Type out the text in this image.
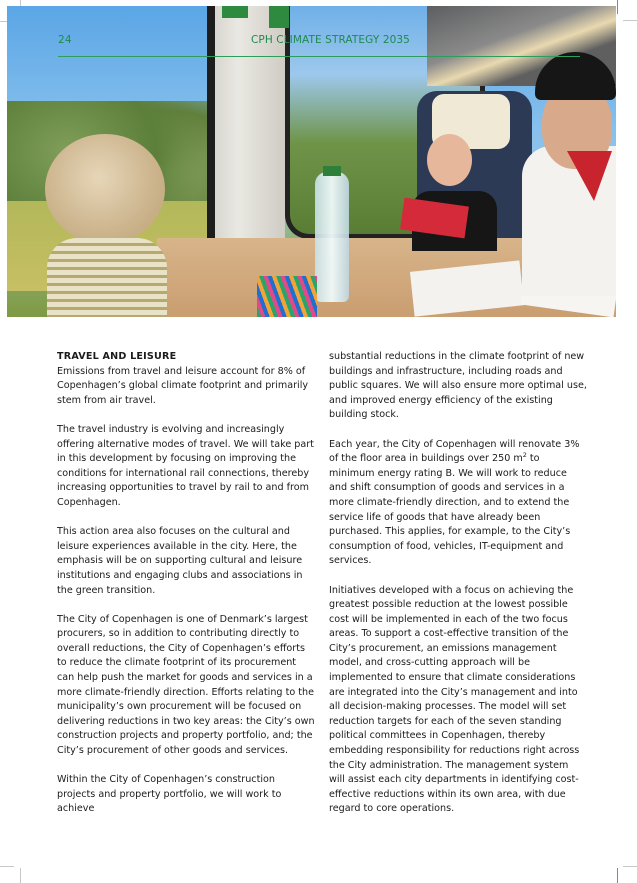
24	CPH CLIMATE STRATEGY 2035
TRAVEL AND LEISURE

Emissions from travel and leisure account for 8% of Copenhagen’s global climate footprint and primarily stem from air travel.

The travel industry is evolving and increasingly offering alternative modes of travel. We will take part in this development by focusing on improving the conditions for international rail connections, thereby increasing opportunities to travel by rail to and from Copenhagen.

This action area also focuses on the cultural and leisure experiences available in the city. Here, the emphasis will be on supporting cultural and leisure institutions and engaging clubs and associations in the green transition.

The City of Copenhagen is one of Denmark’s largest procurers, so in addition to contributing directly to overall reductions, the City of Copenhagen’s efforts to reduce the climate footprint of its procurement can help push the market for goods and services in a more climate-friendly direction. Efforts relating to the municipality’s own procurement will be focused on delivering reductions in two key areas: the City’s own construction projects and property portfolio, and; the City’s procurement of other goods and services.

Within the City of Copenhagen’s construction projects and property portfolio, we will work to achieve

substantial reductions in the climate footprint of new buildings and infrastructure, including roads and public squares. We will also ensure more optimal use, and improved energy efficiency of the existing building stock.

Each year, the City of Copenhagen will renovate 3% of the floor area in buildings over 250 $m^2$ to minimum energy rating B. We will work to reduce and shift consumption of goods and services in a more climate-friendly direction, and to extend the service life of goods that have already been purchased. This applies, for example, to the City’s consumption of food, vehicles, IT-equipment and services.

Initiatives developed with a focus on achieving the greatest possible reduction at the lowest possible cost will be implemented in each of the two focus areas. To support a cost-effective transition of the City’s procurement, an emissions management model, and cross-cutting approach will be implemented to ensure that climate considerations are integrated into the City’s management and into all decision-making processes. The model will set reduction targets for each of the seven standing political committees in Copenhagen, thereby embedding responsibility for reductions right across the City administration. The management system will assist each city departments in identifying cost-effective reductions within its own area, with due regard to core operations.
